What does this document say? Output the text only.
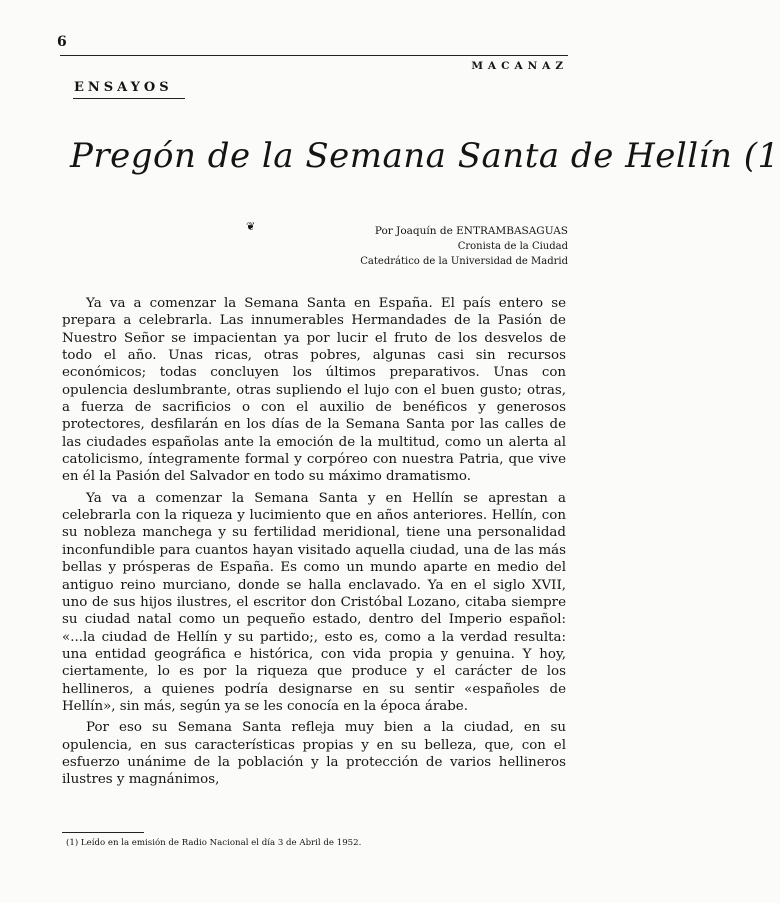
6
MACANAZ
ENSAYOS
Pregón de la Semana Santa de Hellín (1
❦	Por Joaquín de ENTRAMBASAGUAS
Cronista de la Ciudad
Catedrático de la Universidad de Madrid

Ya va a comenzar la Semana Santa en España. El país entero se prepara a celebrarla. Las innumerables Hermandades de la Pasión de Nuestro Señor se impacientan ya por lucir el fruto de los desvelos de todo el año. Unas ricas, otras pobres, algunas casi sin recursos económicos; todas concluyen los últimos preparativos. Unas con opulencia deslumbrante, otras supliendo el lujo con el buen gusto; otras, a fuerza de sacrificios o con el auxilio de benéficos y generosos protectores, desfilarán en los días de la Semana Santa por las calles de las ciudades españolas ante la emoción de la multitud, como un alerta al catolicismo, íntegramente formal y corpóreo con nuestra Patria, que vive en él la Pasión del Salvador en todo su máximo dramatismo.

Ya va a comenzar la Semana Santa y en Hellín se aprestan a celebrarla con la riqueza y lucimiento que en años anteriores. Hellín, con su nobleza manchega y su fertilidad meridional, tiene una personalidad inconfundible para cuantos hayan visitado aquella ciudad, una de las más bellas y prósperas de España. Es como un mundo aparte en medio del antiguo reino murciano, donde se halla enclavado. Ya en el siglo XVII, uno de sus hijos ilustres, el escritor don Cristóbal Lozano, citaba siempre su ciudad natal como un pequeño estado, dentro del Imperio español: «...la ciudad de Hellín y su partido;, esto es, como a la verdad resulta: una entidad geográfica e histórica, con vida propia y genuina. Y hoy, ciertamente, lo es por la riqueza que produce y el carácter de los hellineros, a quienes podría designarse en su sentir «españoles de Hellín», sin más, según ya se les conocía en la época árabe.

Por eso su Semana Santa refleja muy bien a la ciudad, en su opulencia, en sus características propias y en su belleza, que, con el esfuerzo unánime de la población y la protección de varios hellineros ilustres y magnánimos,

(1) Leído en la emisión de Radio Nacional el día 3 de Abril de 1952.
